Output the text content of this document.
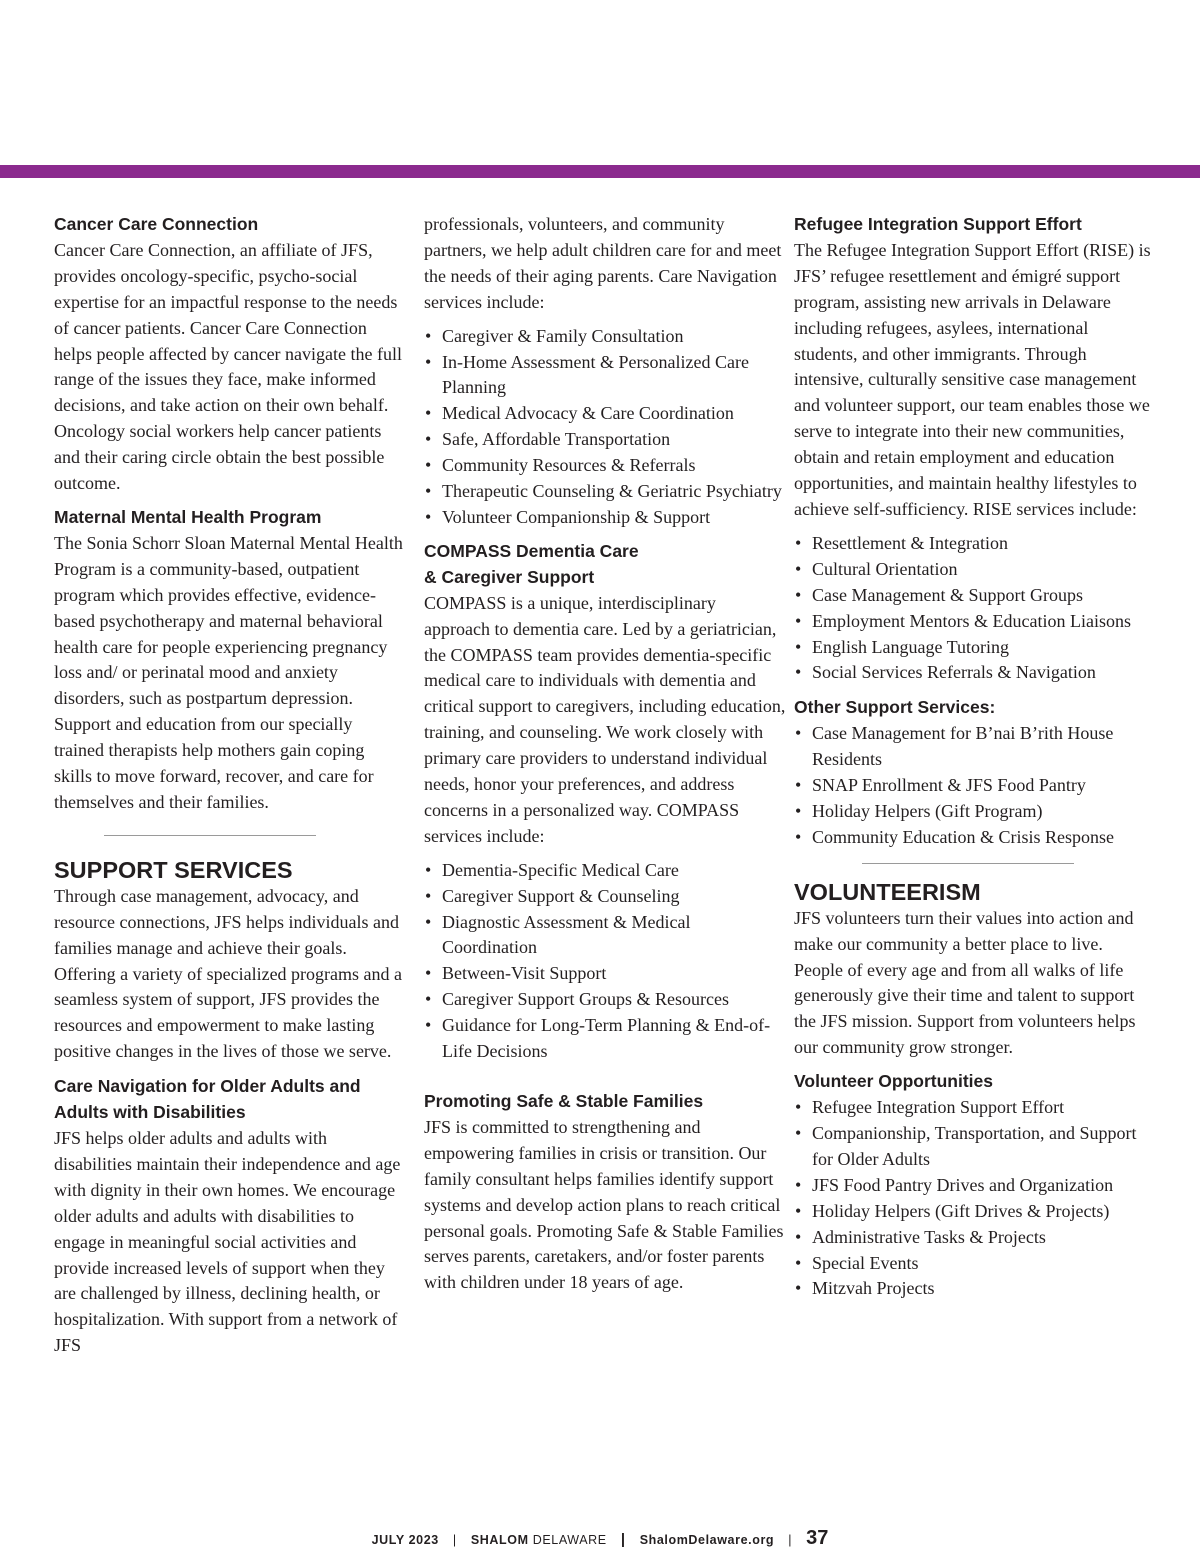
Cancer Care Connection

Cancer Care Connection, an affiliate of JFS, provides oncology-specific, psycho-social expertise for an impactful response to the needs of cancer patients. Cancer Care Connection helps people affected by cancer navigate the full range of the issues they face, make informed decisions, and take action on their own behalf. Oncology social workers help cancer patients and their caring circle obtain the best possible outcome.

Maternal Mental Health Program

The Sonia Schorr Sloan Maternal Mental Health Program is a community-based, outpatient program which provides effective, evidence-based psychotherapy and maternal behavioral health care for people experiencing pregnancy loss and/ or perinatal mood and anxiety disorders, such as postpartum depression. Support and education from our specially trained therapists help mothers gain coping skills to move forward, recover, and care for themselves and their families.

SUPPORT SERVICES

Through case management, advocacy, and resource connections, JFS helps individuals and families manage and achieve their goals. Offering a variety of specialized programs and a seamless system of support, JFS provides the resources and empowerment to make lasting positive changes in the lives of those we serve.

Care Navigation for Older Adults and
Adults with Disabilities

JFS helps older adults and adults with disabilities maintain their independence and age with dignity in their own homes. We encourage older adults and adults with disabilities to engage in meaningful social activities and provide increased levels of support when they are challenged by illness, declining health, or hospitalization. With support from a network of JFS

professionals, volunteers, and community partners, we help adult children care for and meet the needs of their aging parents. Care Navigation services include:

• Caregiver & Family Consultation
• In-Home Assessment & Personalized Care Planning
• Medical Advocacy & Care Coordination
• Safe, Affordable Transportation
• Community Resources & Referrals
• Therapeutic Counseling & Geriatric Psychiatry
• Volunteer Companionship & Support
COMPASS Dementia Care
& Caregiver Support

COMPASS is a unique, interdisciplinary approach to dementia care. Led by a geriatrician, the COMPASS team provides dementia-specific medical care to individuals with dementia and critical support to caregivers, including education, training, and counseling. We work closely with primary care providers to understand individual needs, honor your preferences, and address concerns in a personalized way. COMPASS services include:

• Dementia-Specific Medical Care
• Caregiver Support & Counseling
• Diagnostic Assessment & Medical Coordination
• Between-Visit Support
• Caregiver Support Groups & Resources
• Guidance for Long-Term Planning & End-of-Life Decisions
Promoting Safe & Stable Families

JFS is committed to strengthening and empowering families in crisis or transition. Our family consultant helps families identify support systems and develop action plans to reach critical personal goals. Promoting Safe & Stable Families serves parents, caretakers, and/or foster parents with children under 18 years of age.

Refugee Integration Support Effort

The Refugee Integration Support Effort (RISE) is JFS’ refugee resettlement and émigré support program, assisting new arrivals in Delaware including refugees, asylees, international students, and other immigrants. Through intensive, culturally sensitive case management and volunteer support, our team enables those we serve to integrate into their new communities, obtain and retain employment and education opportunities, and maintain healthy lifestyles to achieve self-sufficiency. RISE services include:

• Resettlement & Integration
• Cultural Orientation
• Case Management & Support Groups
• Employment Mentors & Education Liaisons
• English Language Tutoring
• Social Services Referrals & Navigation
Other Support Services:
• Case Management for B’nai B’rith House Residents
• SNAP Enrollment & JFS Food Pantry
• Holiday Helpers (Gift Program)
• Community Education & Crisis Response
VOLUNTEERISM

JFS volunteers turn their values into action and make our community a better place to live. People of every age and from all walks of life generously give their time and talent to support the JFS mission. Support from volunteers helps our community grow stronger.

Volunteer Opportunities
• Refugee Integration Support Effort
• Companionship, Transportation, and Support for Older Adults
• JFS Food Pantry Drives and Organization
• Holiday Helpers (Gift Drives & Projects)
• Administrative Tasks & Projects
• Special Events
• Mitzvah Projects
JULY 2023 | SHALOM DELAWARE | ShalomDelaware.org | 37
